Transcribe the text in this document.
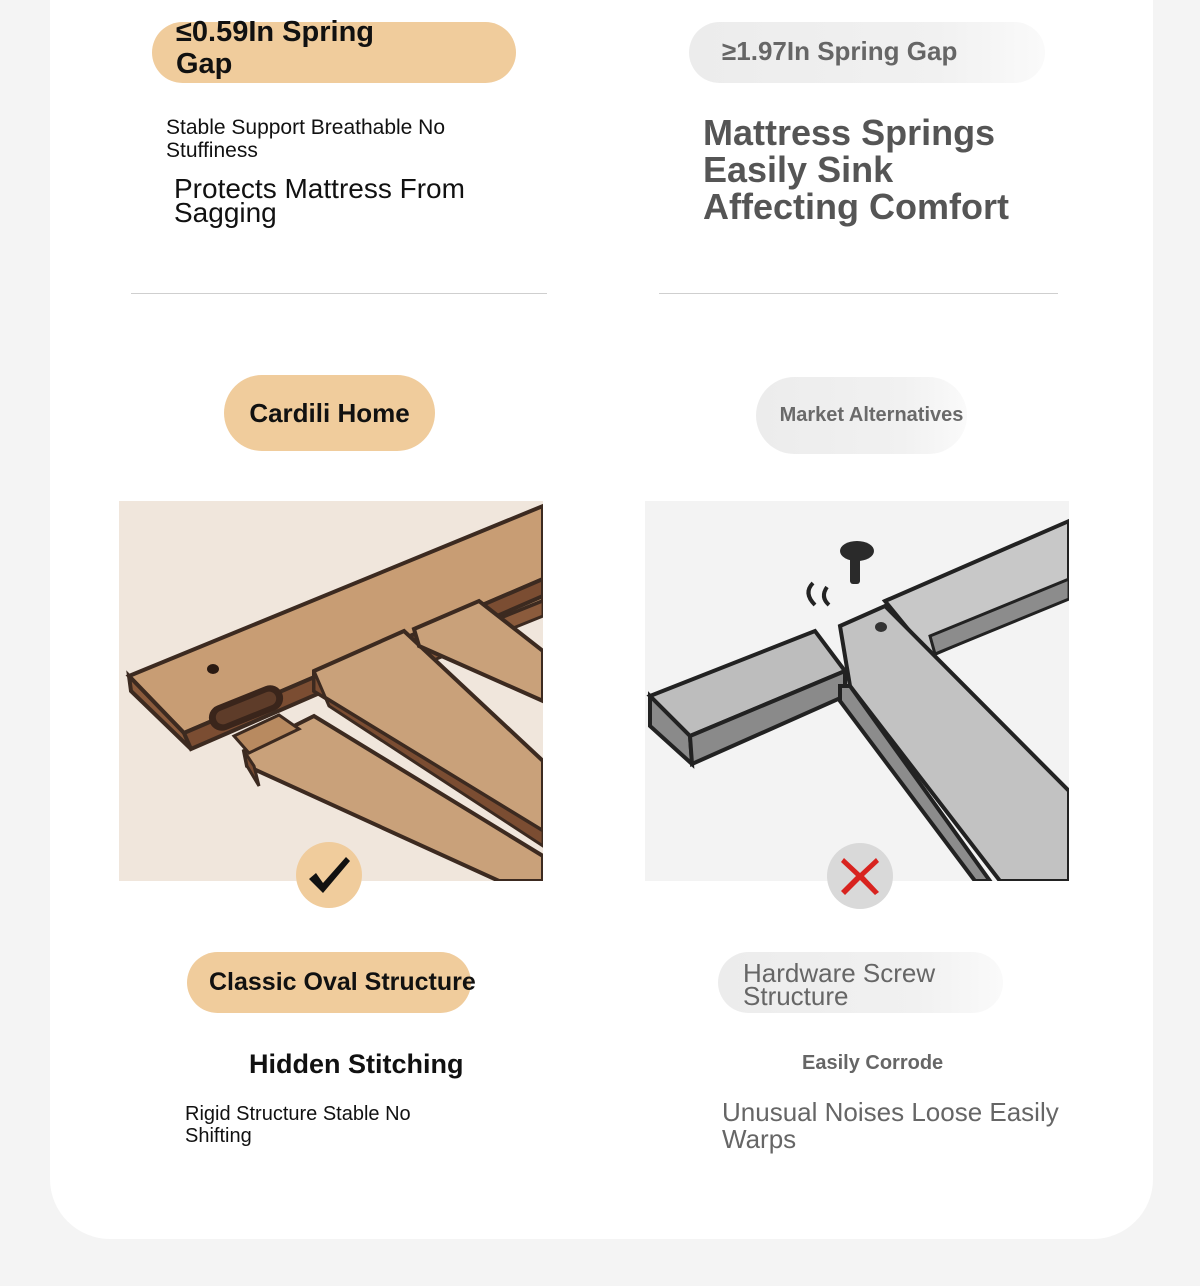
≤0.59In Spring Gap
Stable Support Breathable No Stuffiness
Protects Mattress From Sagging
≥1.97In Spring Gap
Mattress Springs Easily Sink Affecting Comfort
Cardili Home	Market Alternatives
Classic Oval Structure	Hardware Screw Structure
Hidden Stitching
Rigid Structure Stable No Shifting
Easily Corrode
Unusual Noises Loose Easily Warps
